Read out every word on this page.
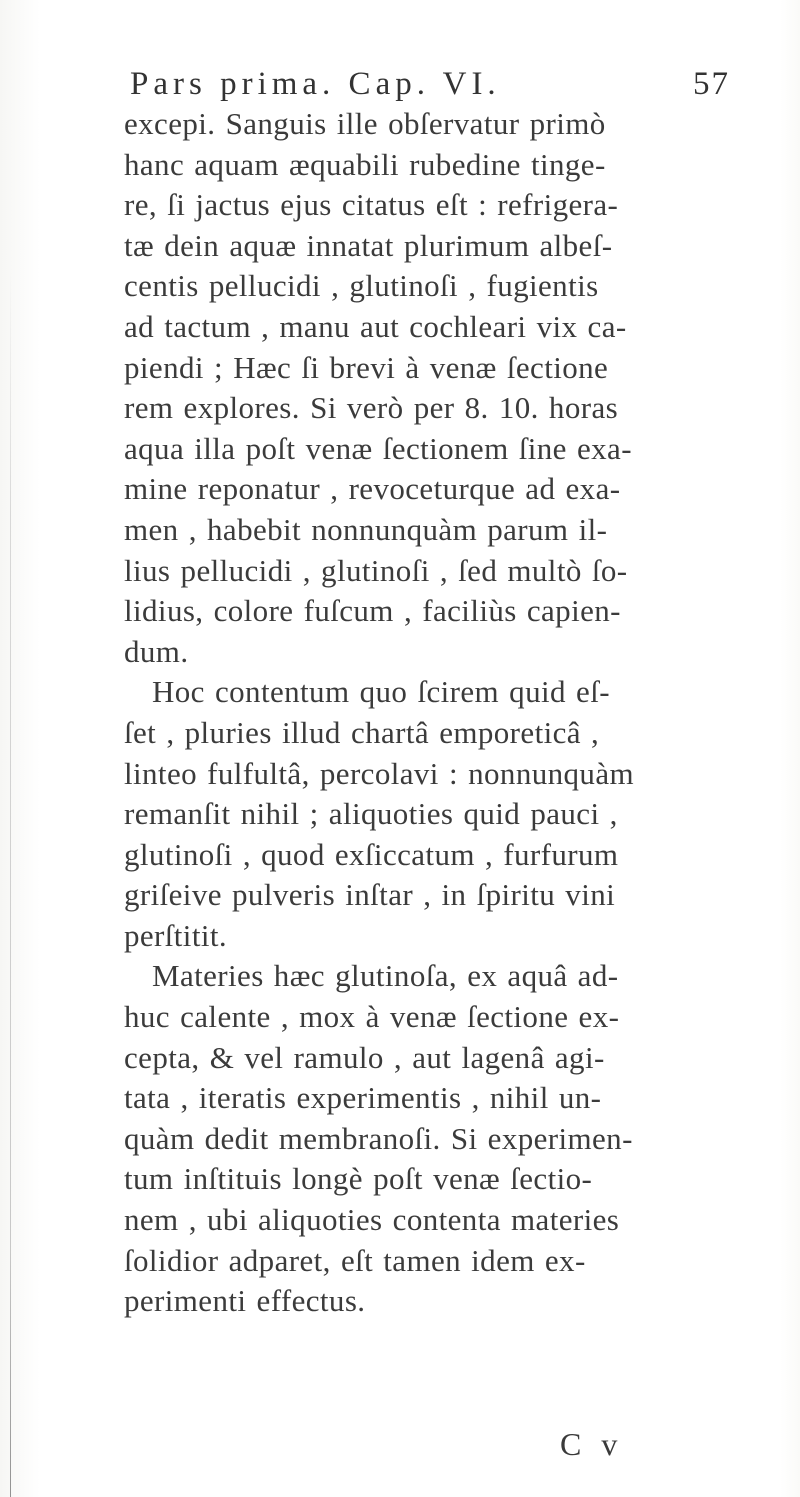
Pars prima. Cap. VI.	57
excepi. Sanguis ille obſervatur primò
hanc aquam æquabili rubedine tinge-
re, ſi jactus ejus citatus eſt : refrigera-
tæ dein aquæ innatat plurimum albeſ-
centis pellucidi , glutinoſi , fugientis
ad tactum , manu aut cochleari vix ca-
piendi ; Hæc ſi brevi à venæ ſectione
rem explores. Si verò per 8. 10. horas
aqua illa poſt venæ ſectionem ſine exa-
mine reponatur , revoceturque ad exa-
men , habebit nonnunquàm parum il-
lius pellucidi , glutinoſi , ſed multò ſo-
lidius, colore fuſcum , faciliùs capien-
dum.
Hoc contentum quo ſcirem quid eſ-
ſet , pluries illud chartâ emporeticâ ,
linteo fulfultâ, percolavi : nonnunquàm
remanſit nihil ; aliquoties quid pauci ,
glutinoſi , quod exſiccatum , furfurum
griſeive pulveris inſtar , in ſpiritu vini
perſtitit.
Materies hæc glutinoſa, ex aquâ ad-
huc calente , mox à venæ ſectione ex-
cepta, & vel ramulo , aut lagenâ agi-
tata , iteratis experimentis , nihil un-
quàm dedit membranoſi. Si experimen-
tum inſtituis longè poſt venæ ſectio-
nem , ubi aliquoties contenta materies
ſolidior adparet, eſt tamen idem ex-
perimenti effectus.
C v
